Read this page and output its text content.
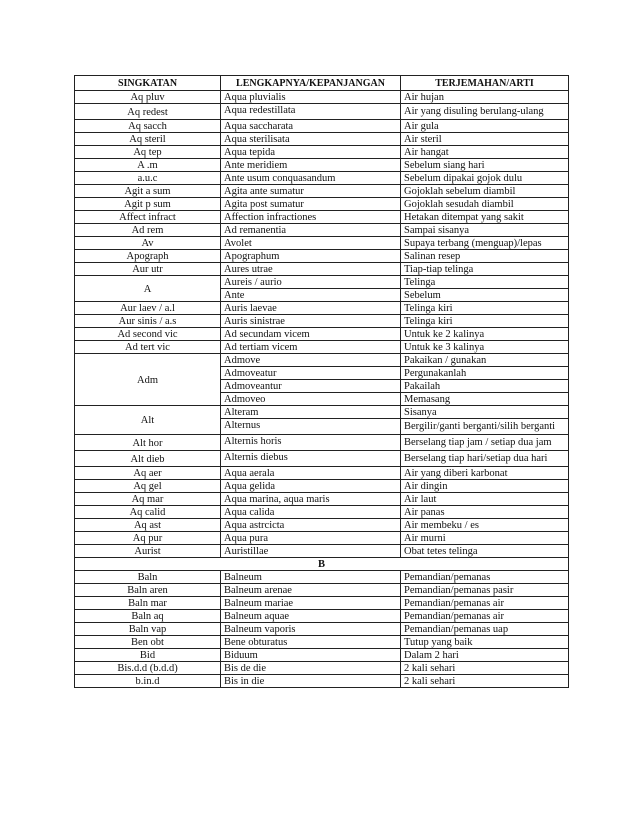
SINGKATAN	LENGKAPNYA/KEPANJANGAN	TERJEMAHAN/ARTI
Aq pluv	Aqua pluvialis	Air hujan
Aq redest	Aqua redestillata	Air yang disuling berulang-ulang
Aq sacch	Aqua saccharata	Air gula
Aq steril	Aqua sterilisata	Air steril
Aq tep	Aqua tepida	Air hangat
A .m	Ante meridiem	Sebelum siang hari
a.u.c	Ante usum conquasandum	Sebelum dipakai gojok dulu
Agit a sum	Agita ante sumatur	Gojoklah sebelum diambil
Agit p sum	Agita post sumatur	Gojoklah sesudah diambil
Affect infract	Affection infractiones	Hetakan ditempat yang sakit
Ad rem	Ad remanentia	Sampai sisanya
Av	Avolet	Supaya terbang (menguap)/lepas
Apograph	Apographum	Salinan resep
Aur utr	Aures utrae	Tiap-tiap telinga
A	Aureis / aurio	Telinga
	Ante	Sebelum
Aur laev / a.l	Auris laevae	Telinga kiri
Aur sinis / a.s	Auris sinistrae	Telinga kiri
Ad second vic	Ad secundam vicem	Untuk ke 2 kalinya
Ad tert vic	Ad tertiam vicem	Untuk ke 3 kalinya
Adm	Admove	Pakaikan / gunakan
	Admoveatur	Pergunakanlah
	Admoveantur	Pakailah
	Admoveo	Memasang
Alt	Alteram	Sisanya
	Alternus	Bergilir/ganti berganti/silih berganti
Alt hor	Alternis horis	Berselang tiap jam / setiap dua jam
Alt dieb	Alternis diebus	Berselang tiap hari/setiap dua hari
Aq aer	Aqua aerala	Air yang diberi karbonat
Aq gel	Aqua gelida	Air dingin
Aq mar	Aqua marina, aqua maris	Air laut
Aq calid	Aqua calida	Air panas
Aq ast	Aqua astrcicta	Air membeku / es
Aq pur	Aqua pura	Air murni
Aurist	Auristillae	Obat tetes telinga
B		
Baln	Balneum	Pemandian/pemanas
Baln aren	Balneum arenae	Pemandian/pemanas pasir
Baln mar	Balneum mariae	Pemandian/pemanas air
Baln aq	Balneum aquae	Pemandian/pemanas air
Baln vap	Balneum vaporis	Pemandian/pemanas uap
Ben obt	Bene obturatus	Tutup yang baik
Bid	Biduum	Dalam 2 hari
Bis.d.d (b.d.d)	Bis de die	2 kali sehari
b.in.d	Bis in die	2 kali sehari
